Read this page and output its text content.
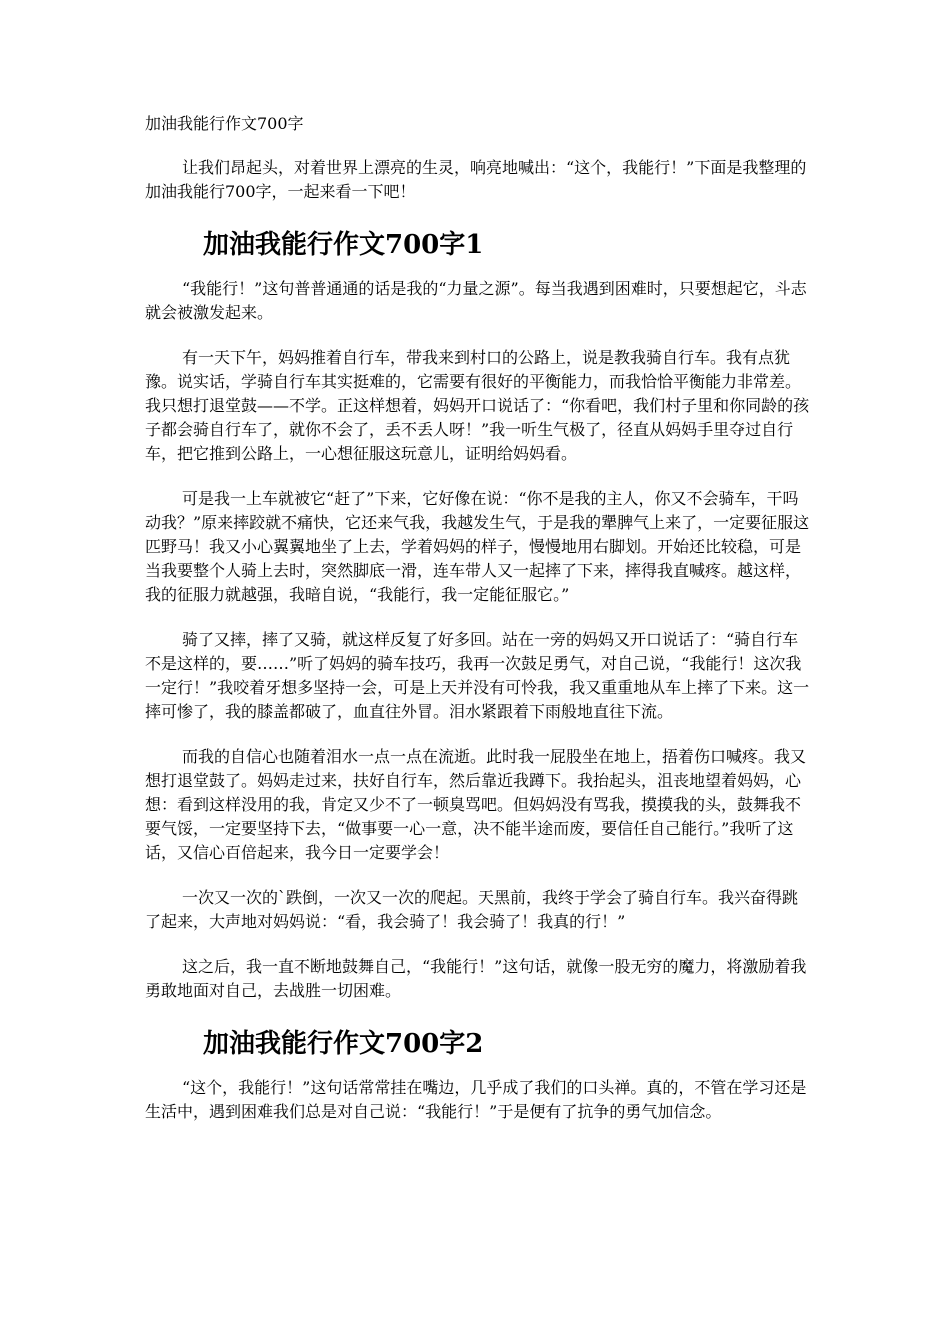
加油我能行作文700字

让我们昂起头，对着世界上漂亮的生灵，响亮地喊出：“这个，我能行！”下面是我整理的加油我能行700字，一起来看一下吧！

加油我能行作文700字1

“我能行！”这句普普通通的话是我的“力量之源”。每当我遇到困难时，只要想起它，斗志就会被激发起来。

有一天下午，妈妈推着自行车，带我来到村口的公路上，说是教我骑自行车。我有点犹豫。说实话，学骑自行车其实挺难的，它需要有很好的平衡能力，而我恰恰平衡能力非常差。我只想打退堂鼓——不学。正这样想着，妈妈开口说话了：“你看吧，我们村子里和你同龄的孩子都会骑自行车了，就你不会了，丢不丢人呀！”我一听生气极了，径直从妈妈手里夺过自行车，把它推到公路上，一心想征服这玩意儿，证明给妈妈看。

可是我一上车就被它“赶了”下来，它好像在说：“你不是我的主人，你又不会骑车，干吗动我？”原来摔跤就不痛快，它还来气我，我越发生气，于是我的犟脾气上来了，一定要征服这匹野马！我又小心翼翼地坐了上去，学着妈妈的样子，慢慢地用右脚划。开始还比较稳，可是当我要整个人骑上去时，突然脚底一滑，连车带人又一起摔了下来，摔得我直喊疼。越这样，我的征服力就越强，我暗自说，“我能行，我一定能征服它。”

骑了又摔，摔了又骑，就这样反复了好多回。站在一旁的妈妈又开口说话了：“骑自行车不是这样的，要……”听了妈妈的骑车技巧，我再一次鼓足勇气，对自己说，“我能行！这次我一定行！”我咬着牙想多坚持一会，可是上天并没有可怜我，我又重重地从车上摔了下来。这一摔可惨了，我的膝盖都破了，血直往外冒。泪水紧跟着下雨般地直往下流。

而我的自信心也随着泪水一点一点在流逝。此时我一屁股坐在地上，捂着伤口喊疼。我又想打退堂鼓了。妈妈走过来，扶好自行车，然后靠近我蹲下。我抬起头，沮丧地望着妈妈，心想：看到这样没用的我，肯定又少不了一顿臭骂吧。但妈妈没有骂我，摸摸我的头，鼓舞我不要气馁，一定要坚持下去，“做事要一心一意，决不能半途而废，要信任自己能行。”我听了这话，又信心百倍起来，我今日一定要学会！

一次又一次的`跌倒，一次又一次的爬起。天黑前，我终于学会了骑自行车。我兴奋得跳了起来，大声地对妈妈说：“看，我会骑了！我会骑了！我真的行！”

这之后，我一直不断地鼓舞自己，“我能行！”这句话，就像一股无穷的魔力，将激励着我勇敢地面对自己，去战胜一切困难。

加油我能行作文700字2

“这个，我能行！”这句话常常挂在嘴边，几乎成了我们的口头禅。真的，不管在学习还是生活中，遇到困难我们总是对自己说：“我能行！”于是便有了抗争的勇气加信念。
